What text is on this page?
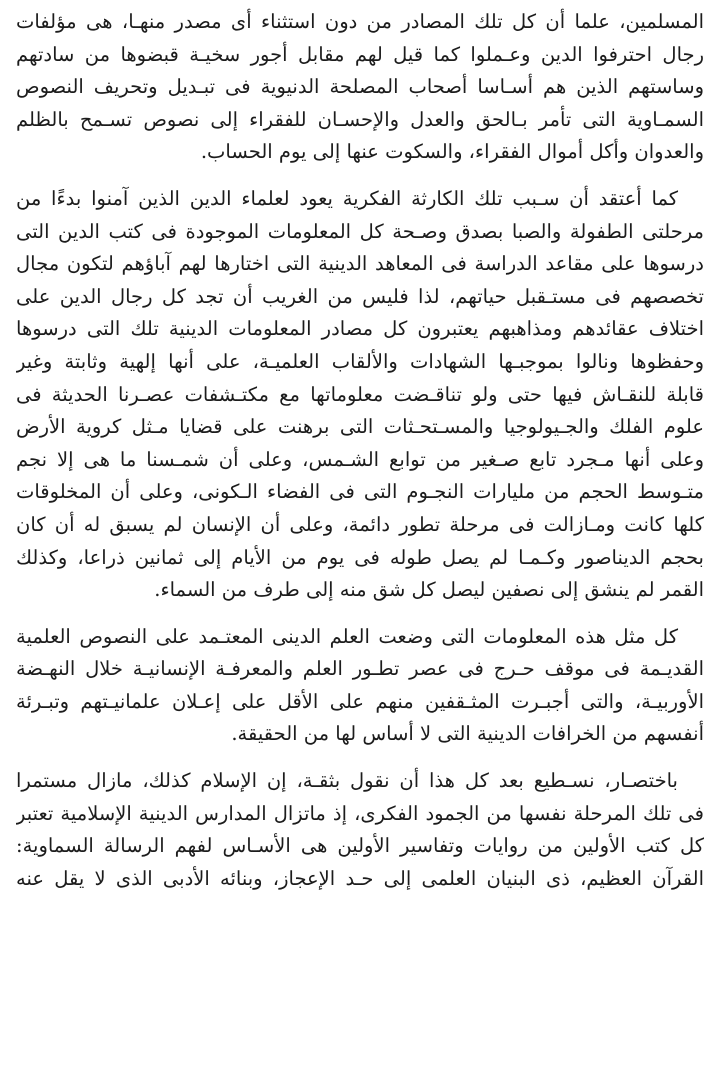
المسلمين، علما أن كل تلك المصادر من دون استثناء أى مصدر منهـا، هى مؤلفات
رجال احترفوا الدين وعـملوا كما قيل لهم مقابل أجور سخيـة قبضوها من سادتهم
وساستهم الذين هم أسـاسا أصحاب المصلحة الدنيوية فى تبـديل وتحريف النصوص
السمـاوية التى تأمر بـالحق والعدل والإحسـان للفقراء إلى نصوص تسـمح بالظلم
والعدوان وأكل أموال الفقراء، والسكوت عنها إلى يوم الحساب.
كما أعتقد أن سـبب تلك الكارثة الفكرية يعود لعلماء الدين الذين آمنوا بدءًا من
مرحلتى الطفولة والصبا بصدق وصـحة كل المعلومات الموجودة فى كتب الدين التى
درسوها على مقاعد الدراسة فى المعاهد الدينية التى اختارها لهم آباؤهم لتكون مجال
تخصصهم فى مستـقبل حياتهم، لذا فليس من الغريب أن تجد كل رجال الدين على
اختلاف عقائدهم ومذاهبهم يعتبرون كل مصادر المعلومات الدينية تلك التى درسوها
وحفظوها ونالوا بموجبـها الشهادات والألقاب العلميـة، على أنها إلهية وثابتة وغير
قابلة للنقـاش فيها حتى ولو تناقـضت معلوماتها مع مكتـشفات عصـرنا الحديثة فى
علوم الفلك والجـيولوجيا والمسـتحـثات التى برهنت على قضايا مـثل كروية الأرض
وعلى أنها مـجرد تابع صـغير من توابع الشـمس، وعلى أن شمـسنا ما هى إلا نجم
متـوسط الحجم من مليارات النجـوم التى فى الفضاء الـكونى، وعلى أن المخلوقات
كلها كانت ومـازالت فى مرحلة تطور دائمة، وعلى أن الإنسان لم يسبق له أن كان
بحجم الديناصور وكـمـا لم يصل طوله فى يوم من الأيام إلى ثمانين ذراعا، وكذلك
القمر لم ينشق إلى نصفين ليصل كل شق منه إلى طرف من السماء.
كل مثل هذه المعلومات التى وضعت العلم الدينى المعتـمد على النصوص العلمية
القديـمة فى موقف حـرج فى عصر تطـور العلم والمعرفـة الإنسانيـة خلال النهـضة
الأوربيـة، والتى أجبـرت المثـقفين منهم على الأقل على إعـلان علمانيـتهم وتبـرئة
أنفسهم من الخرافات الدينية التى لا أساس لها من الحقيقة.
باختصـار، نسـطيع بعد كل هذا أن نقول بثقـة، إن الإسلام كذلك، مازال مستمرا
فى تلك المرحلة نفسها من الجمود الفكرى، إذ ماتزال المدارس الدينية الإسلامية تعتبر
كل كتب الأولين من روايات وتفاسير الأولين هى الأسـاس لفهم الرسالة السماوية:
القرآن العظيم، ذى البنيان العلمى إلى حـد الإعجاز، وبنائه الأدبى الذى لا يقل عنه
